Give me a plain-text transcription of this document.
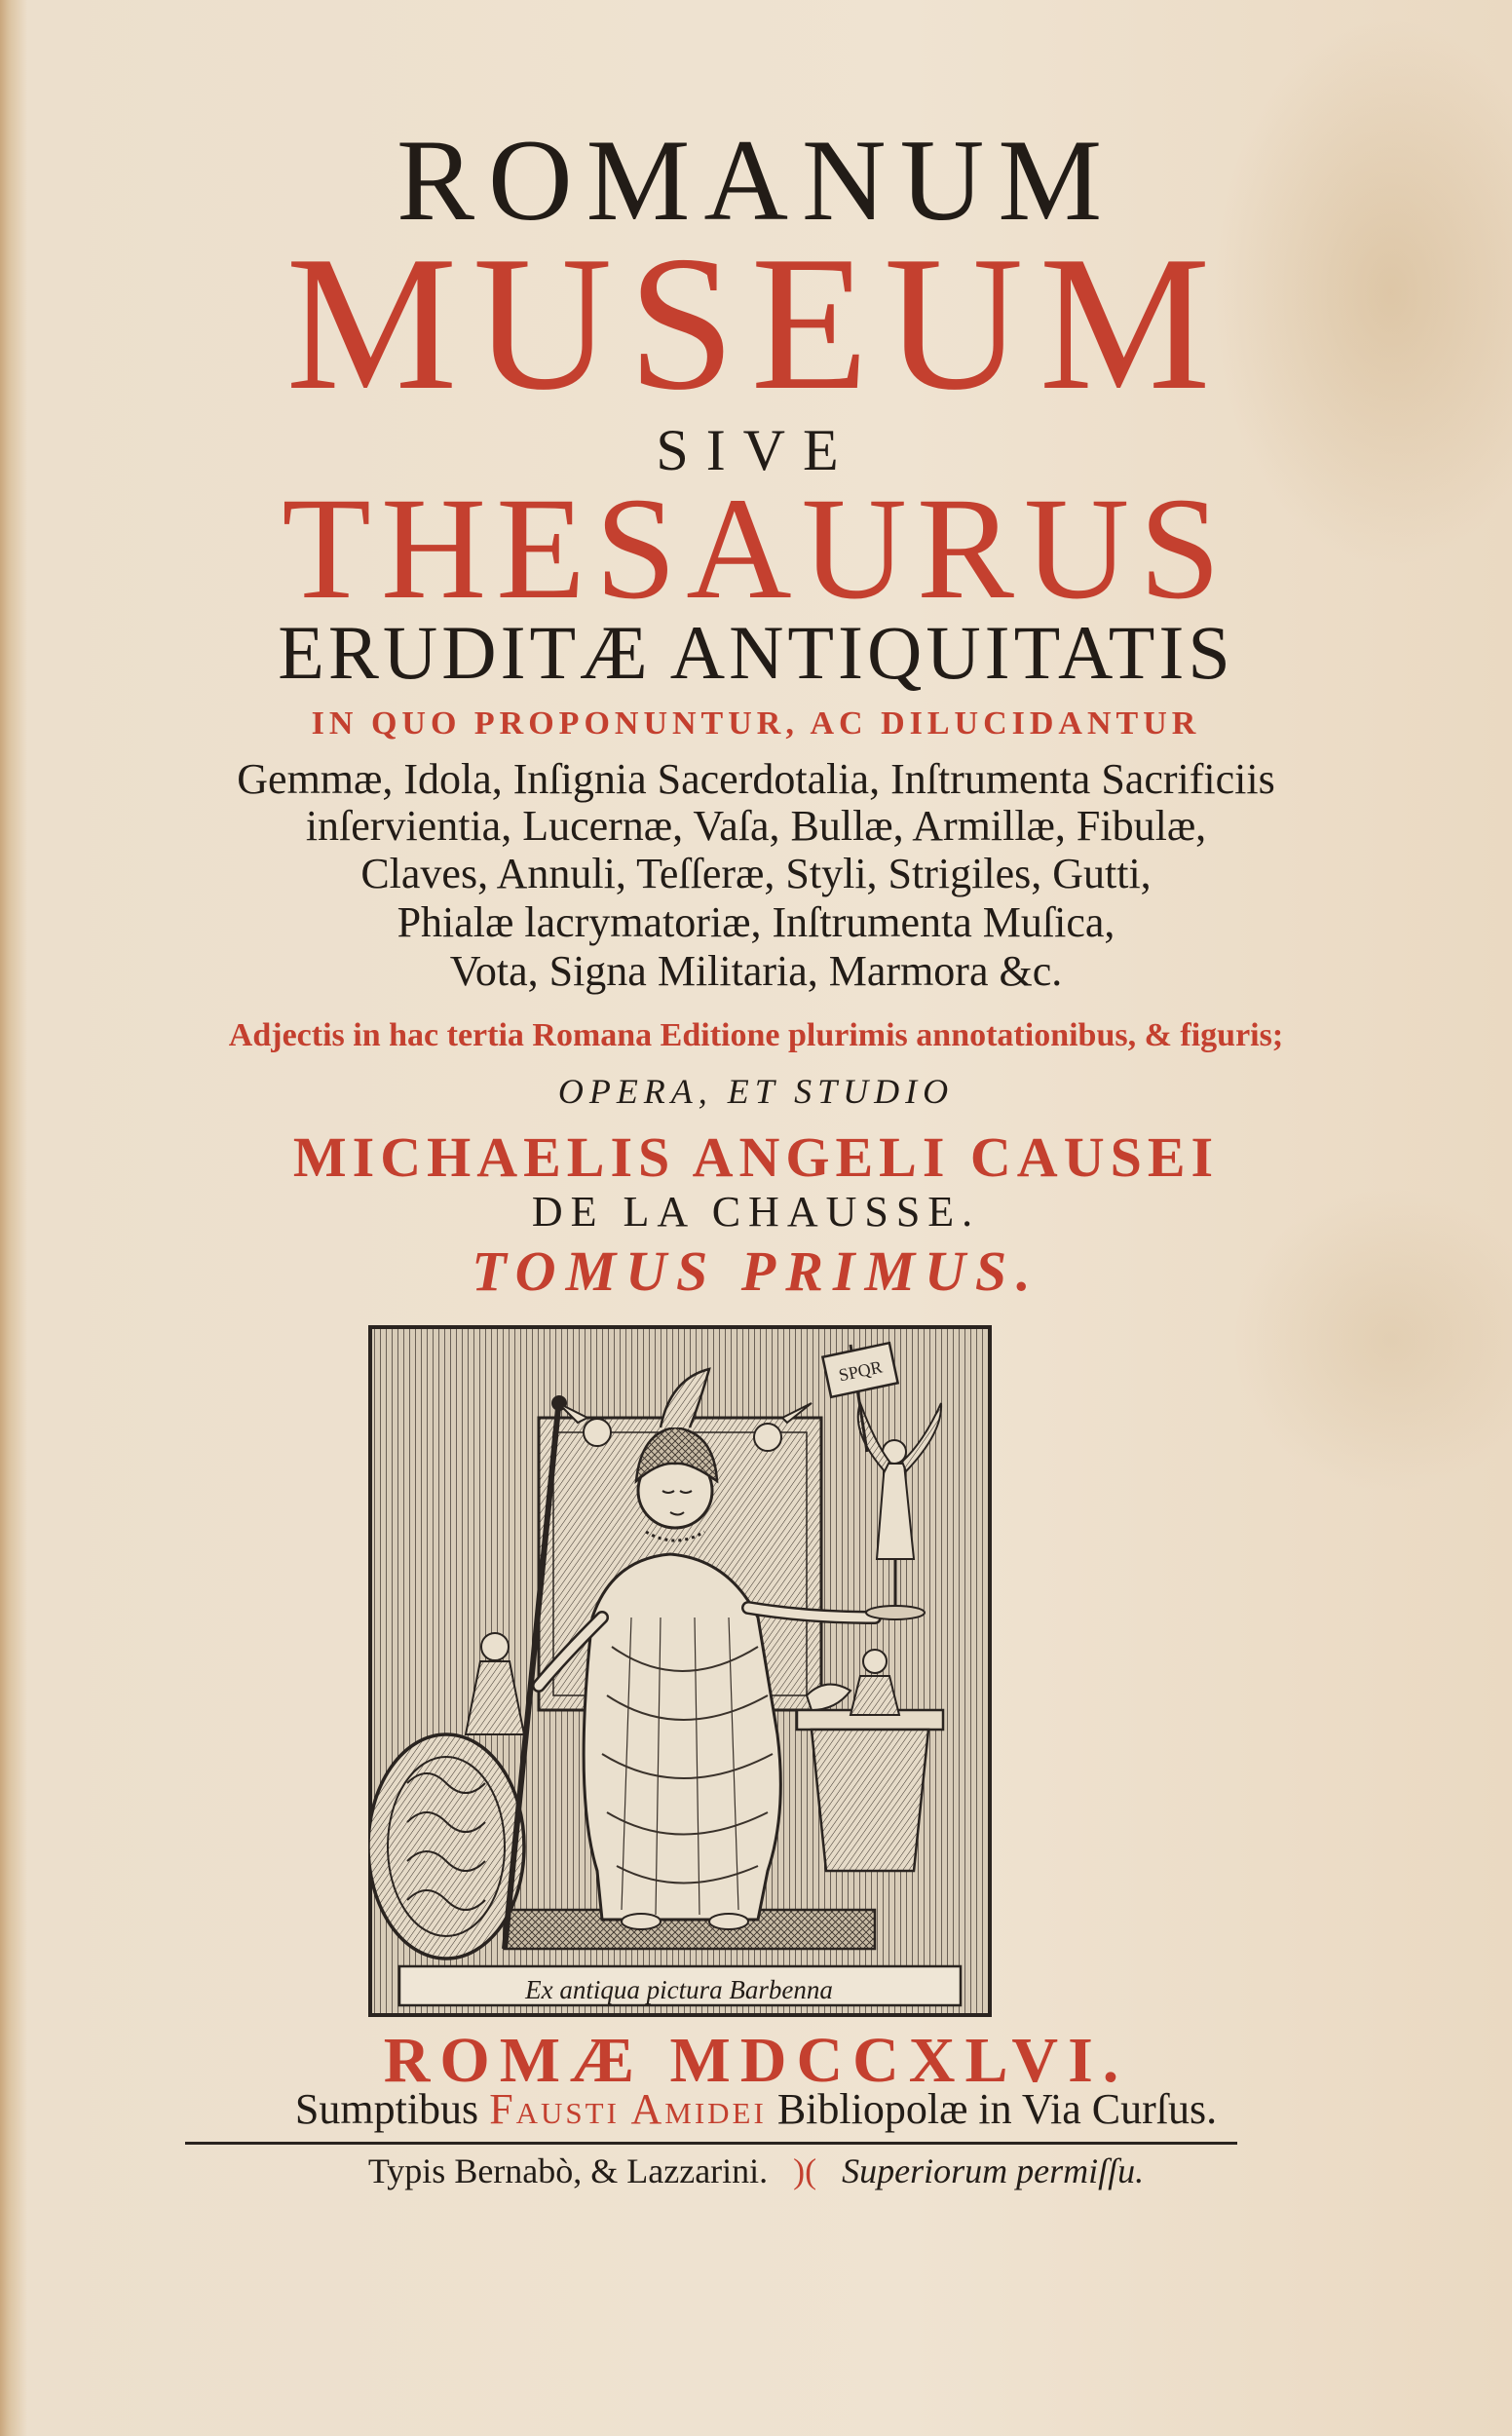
ROMANUM

MUSEUM

SIVE

THESAURUS

ERUDITÆ ANTIQUITATIS

IN QUO PROPONUNTUR, AC DILUCIDANTUR

Gemmæ, Idola, Inſignia Sacerdotalia, Inſtrumenta Sacrificiis

inſervientia, Lucernæ, Vaſa, Bullæ, Armillæ, Fibulæ,

Claves, Annuli, Teſſeræ, Styli, Strigiles, Gutti,

Phialæ lacrymatoriæ, Inſtrumenta Muſica,

Vota, Signa Militaria, Marmora &c.

Adjectis in hac tertia Romana Editione plurimis annotationibus, & figuris;

OPERA, ET STUDIO

MICHAELIS ANGELI CAUSEI

DE LA CHAUSSE.

TOMUS PRIMUS.

SPQR
Ex antiqua pictura Barbenna

ROMÆ MDCCXLVI.

Sumptibus Fausti Amidei Bibliopolæ in Via Curſus.

Typis Bernabò, & Lazzarini. )( Superiorum permiſſu.
